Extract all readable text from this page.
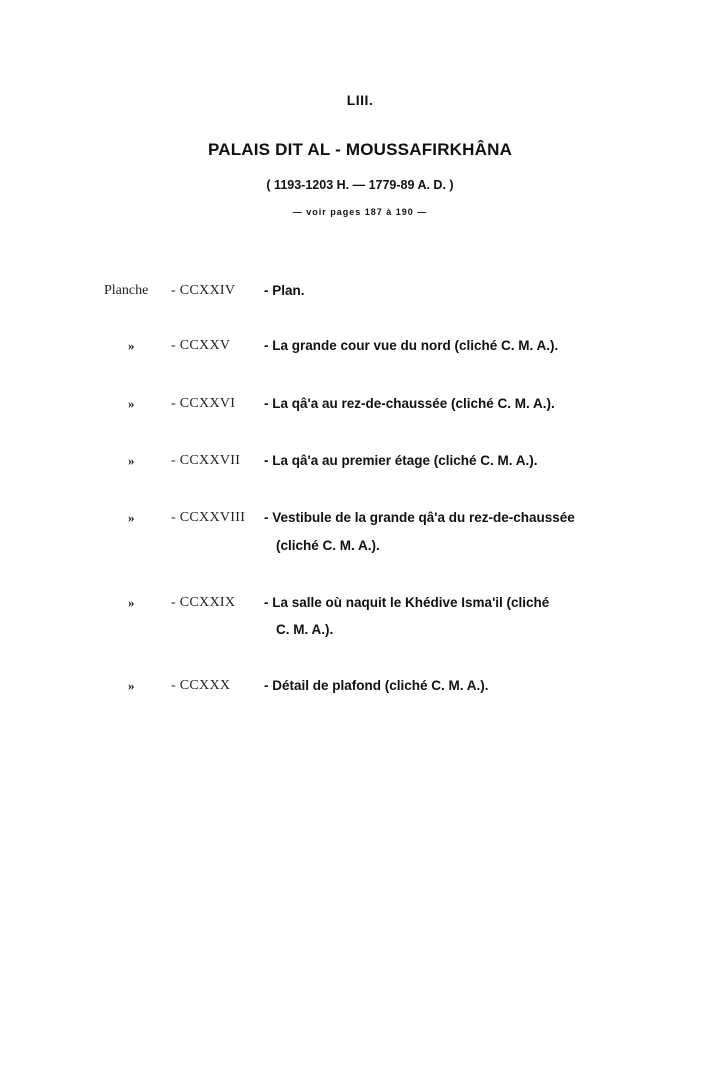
LIII.
PALAIS DIT AL - MOUSSAFIRKHÂNA
( 1193-1203 H. — 1779-89 A. D. )
— voir pages 187 à 190 —
Planche - CCXXIV - Plan.
»	- CCXXV - La grande cour vue du nord (cliché C. M. A.).
»	- CCXXVI - La qâ'a au rez-de-chaussée (cliché C. M. A.).
»	- CCXXVII - La qâ'a au premier étage (cliché C. M. A.).
»	- CCXXVIII - Vestibule de la grande qâ'a du rez-de-chaussée
(cliché C. M. A.).
»	- CCXXIX - La salle où naquit le Khédive Isma'il (cliché
C. M. A.).
»	- CCXXX - Détail de plafond (cliché C. M. A.).
